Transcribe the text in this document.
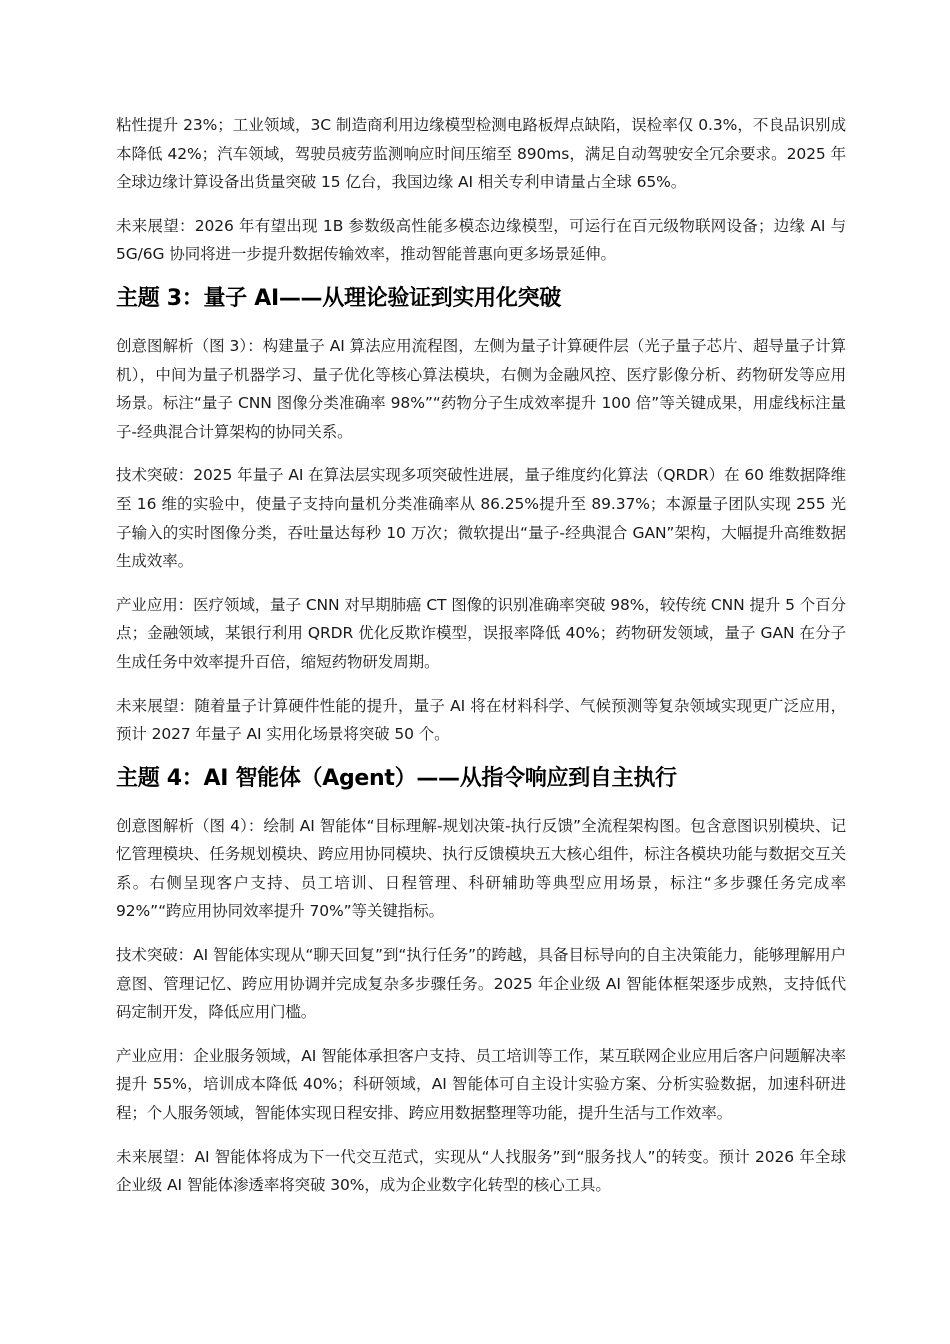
粘性提升 23%；工业领域，3C 制造商利用边缘模型检测电路板焊点缺陷，误检率仅 0.3%，不良品识别成本降低 42%；汽车领域，驾驶员疲劳监测响应时间压缩至 890ms，满足自动驾驶安全冗余要求。2025 年全球边缘计算设备出货量突破 15 亿台，我国边缘 AI 相关专利申请量占全球 65%。

未来展望：2026 年有望出现 1B 参数级高性能多模态边缘模型，可运行在百元级物联网设备；边缘 AI 与 5G/6G 协同将进一步提升数据传输效率，推动智能普惠向更多场景延伸。

主题 3：量子 AI——从理论验证到实用化突破

创意图解析（图 3）：构建量子 AI 算法应用流程图，左侧为量子计算硬件层（光子量子芯片、超导量子计算机），中间为量子机器学习、量子优化等核心算法模块，右侧为金融风控、医疗影像分析、药物研发等应用场景。标注“量子 CNN 图像分类准确率 98%”“药物分子生成效率提升 100 倍”等关键成果，用虚线标注量子-经典混合计算架构的协同关系。

技术突破：2025 年量子 AI 在算法层实现多项突破性进展，量子维度约化算法（QRDR）在 60 维数据降维至 16 维的实验中，使量子支持向量机分类准确率从 86.25%提升至 89.37%；本源量子团队实现 255 光子输入的实时图像分类，吞吐量达每秒 10 万次；微软提出“量子-经典混合 GAN”架构，大幅提升高维数据生成效率。

产业应用：医疗领域，量子 CNN 对早期肺癌 CT 图像的识别准确率突破 98%，较传统 CNN 提升 5 个百分点；金融领域，某银行利用 QRDR 优化反欺诈模型，误报率降低 40%；药物研发领域，量子 GAN 在分子生成任务中效率提升百倍，缩短药物研发周期。

未来展望：随着量子计算硬件性能的提升，量子 AI 将在材料科学、气候预测等复杂领域实现更广泛应用，预计 2027 年量子 AI 实用化场景将突破 50 个。

主题 4：AI 智能体（Agent）——从指令响应到自主执行

创意图解析（图 4）：绘制 AI 智能体“目标理解-规划决策-执行反馈”全流程架构图。包含意图识别模块、记忆管理模块、任务规划模块、跨应用协同模块、执行反馈模块五大核心组件，标注各模块功能与数据交互关系。右侧呈现客户支持、员工培训、日程管理、科研辅助等典型应用场景，标注“多步骤任务完成率 92%”“跨应用协同效率提升 70%”等关键指标。

技术突破：AI 智能体实现从“聊天回复”到“执行任务”的跨越，具备目标导向的自主决策能力，能够理解用户意图、管理记忆、跨应用协调并完成复杂多步骤任务。2025 年企业级 AI 智能体框架逐步成熟，支持低代码定制开发，降低应用门槛。

产业应用：企业服务领域，AI 智能体承担客户支持、员工培训等工作，某互联网企业应用后客户问题解决率提升 55%，培训成本降低 40%；科研领域，AI 智能体可自主设计实验方案、分析实验数据，加速科研进程；个人服务领域，智能体实现日程安排、跨应用数据整理等功能，提升生活与工作效率。

未来展望：AI 智能体将成为下一代交互范式，实现从“人找服务”到“服务找人”的转变。预计 2026 年全球企业级 AI 智能体渗透率将突破 30%，成为企业数字化转型的核心工具。
